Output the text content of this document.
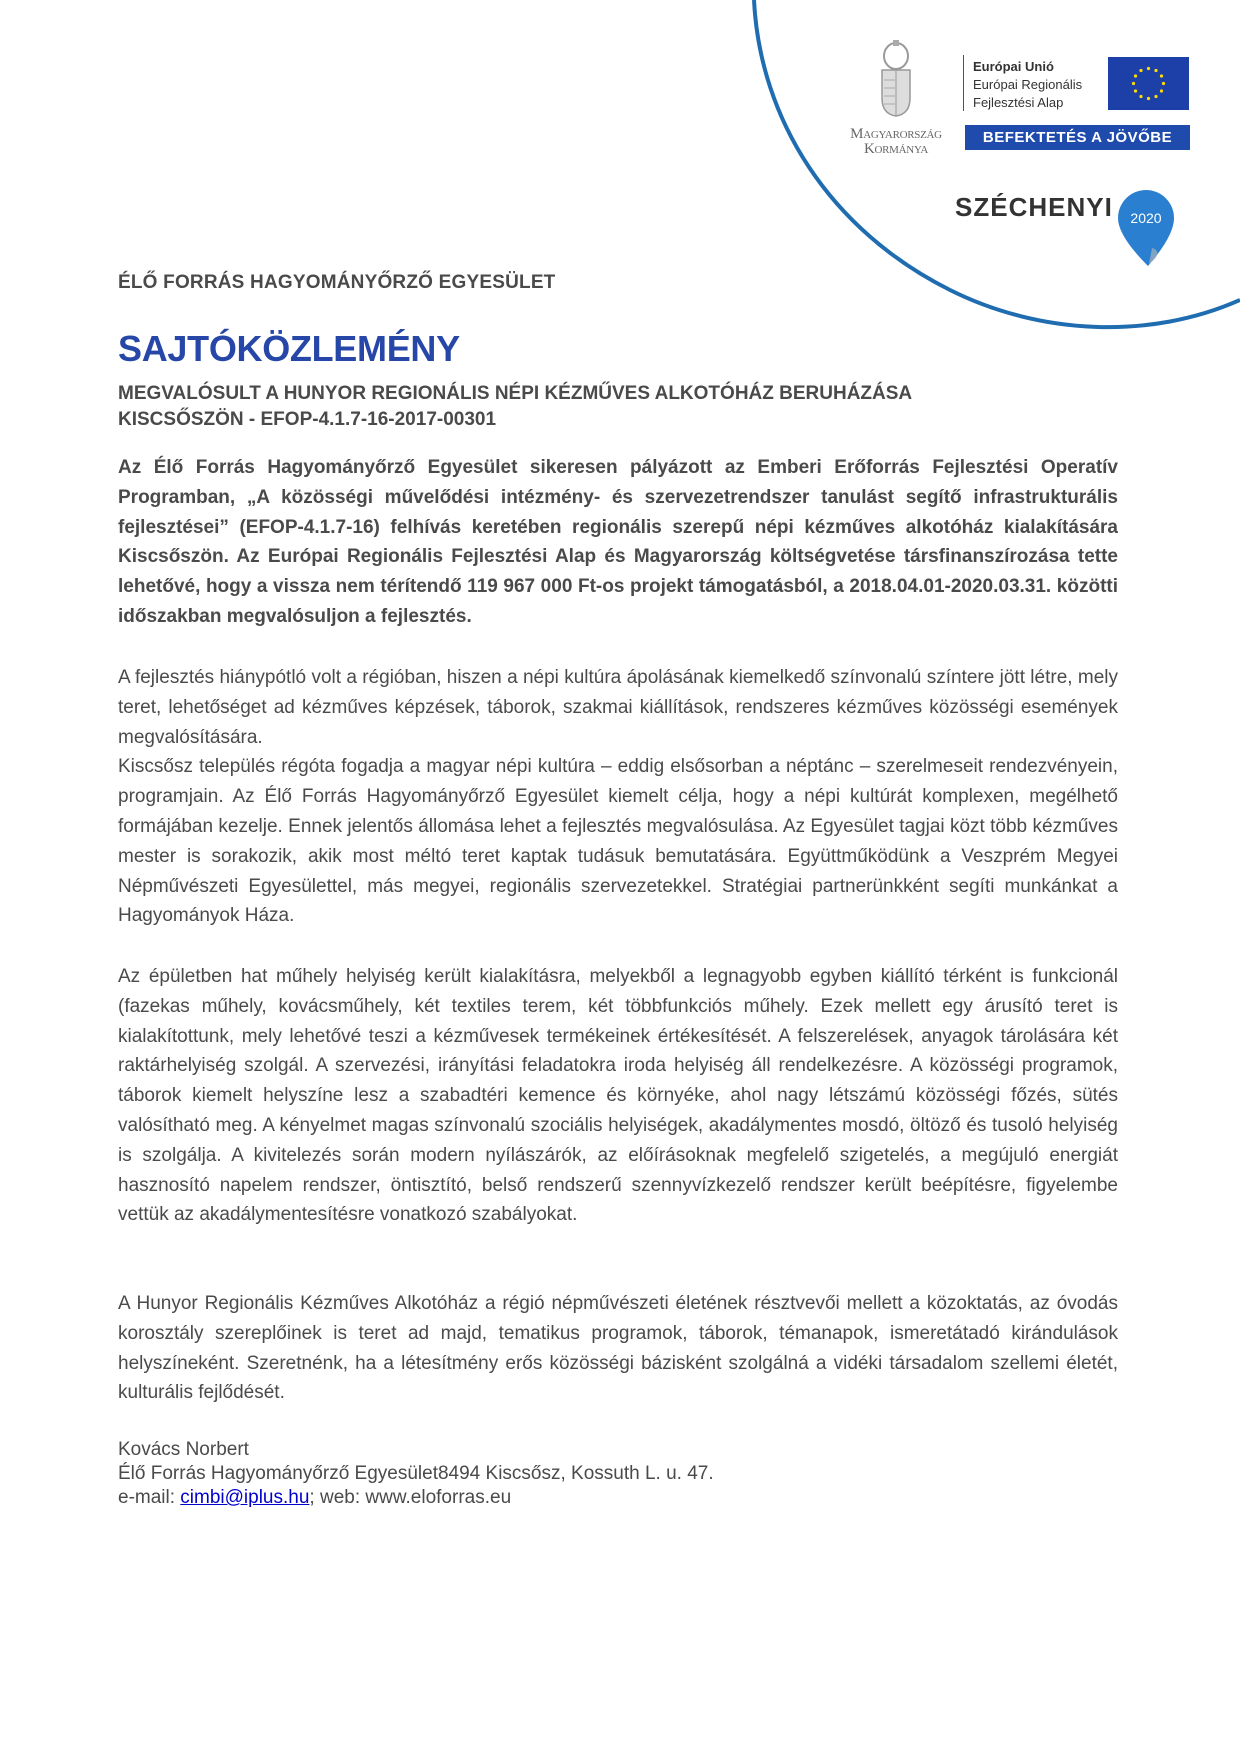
Magyarország
Kormánya
Európai Unió
Európai Regionális
Fejlesztési Alap
BEFEKTETÉS A JÖVŐBE
SZÉCHENYI 2020
ÉLŐ FORRÁS HAGYOMÁNYŐRZŐ EGYESÜLET
SAJTÓKÖZLEMÉNY
MEGVALÓSULT A HUNYOR REGIONÁLIS NÉPI KÉZMŰVES ALKOTÓHÁZ BERUHÁZÁSA
KISCSŐSZÖN - EFOP-4.1.7-16-2017-00301
Az Élő Forrás Hagyományőrző Egyesület sikeresen pályázott az Emberi Erőforrás Fejlesztési Operatív Programban, „A közösségi művelődési intézmény- és szervezetrendszer tanulást segítő infrastrukturális fejlesztései” (EFOP-4.1.7-16) felhívás keretében regionális szerepű népi kézműves alkotóház kialakítására Kiscsőszön. Az Európai Regionális Fejlesztési Alap és Magyarország költségvetése társfinanszírozása tette lehetővé, hogy a vissza nem térítendő 119 967 000 Ft-os projekt támogatásból, a 2018.04.01-2020.03.31. közötti időszakban megvalósuljon a fejlesztés.
A fejlesztés hiánypótló volt a régióban, hiszen a népi kultúra ápolásának kiemelkedő színvonalú színtere jött létre, mely teret, lehetőséget ad kézműves képzések, táborok, szakmai kiállítások, rendszeres kézműves közösségi események megvalósítására.
Kiscsősz település régóta fogadja a magyar népi kultúra – eddig elsősorban a néptánc – szerelmeseit rendezvényein, programjain. Az Élő Forrás Hagyományőrző Egyesület kiemelt célja, hogy a népi kultúrát komplexen, megélhető formájában kezelje. Ennek jelentős állomása lehet a fejlesztés megvalósulása. Az Egyesület tagjai közt több kézműves mester is sorakozik, akik most méltó teret kaptak tudásuk bemutatására. Együttműködünk a Veszprém Megyei Népművészeti Egyesülettel, más megyei, regionális szervezetekkel. Stratégiai partnerünkként segíti munkánkat a Hagyományok Háza.
Az épületben hat műhely helyiség került kialakításra, melyekből a legnagyobb egyben kiállító térként is funkcionál (fazekas műhely, kovácsműhely, két textiles terem, két többfunkciós műhely. Ezek mellett egy árusító teret is kialakítottunk, mely lehetővé teszi a kézművesek termékeinek értékesítését. A felszerelések, anyagok tárolására két raktárhelyiség szolgál. A szervezési, irányítási feladatokra iroda helyiség áll rendelkezésre. A közösségi programok, táborok kiemelt helyszíne lesz a szabadtéri kemence és környéke, ahol nagy létszámú közösségi főzés, sütés valósítható meg. A kényelmet magas színvonalú szociális helyiségek, akadálymentes mosdó, öltöző és tusoló helyiség is szolgálja. A kivitelezés során modern nyílászárók, az előírásoknak megfelelő szigetelés, a megújuló energiát hasznosító napelem rendszer, öntisztító, belső rendszerű szennyvízkezelő rendszer került beépítésre, figyelembe vettük az akadálymentesítésre vonatkozó szabályokat.
A Hunyor Regionális Kézműves Alkotóház a régió népművészeti életének résztvevői mellett a közoktatás, az óvodás korosztály szereplőinek is teret ad majd, tematikus programok, táborok, témanapok, ismeretátadó kirándulások helyszíneként. Szeretnénk, ha a létesítmény erős közösségi bázisként szolgálná a vidéki társadalom szellemi életét, kulturális fejlődését.
Kovács Norbert
Élő Forrás Hagyományőrző Egyesület8494 Kiscsősz, Kossuth L. u. 47.
e-mail: cimbi@iplus.hu; web: www.eloforras.eu
